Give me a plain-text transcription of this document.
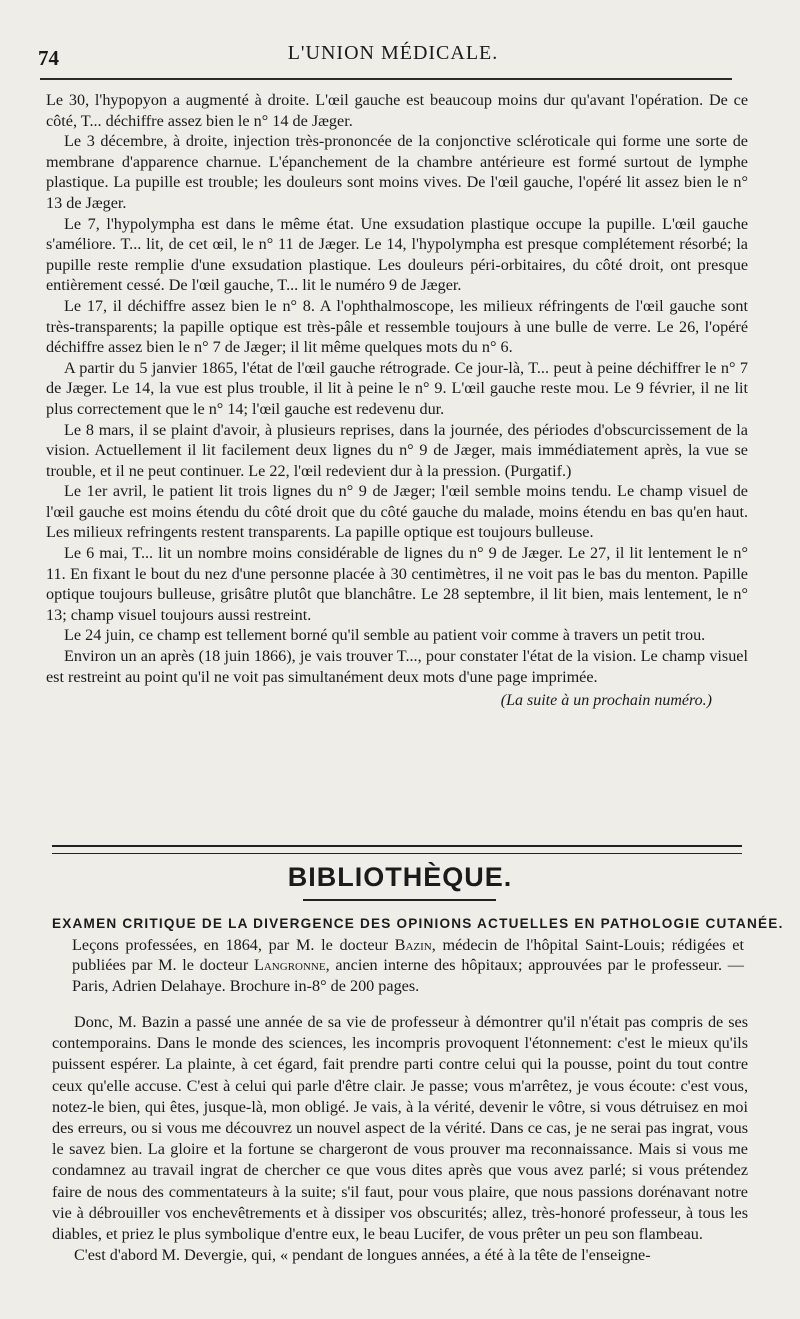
74	L'UNION MÉDICALE.

Le 30, l'hypopyon a augmenté à droite. L'œil gauche est beaucoup moins dur qu'avant l'opération. De ce côté, T... déchiffre assez bien le n° 14 de Jæger.

Le 3 décembre, à droite, injection très-prononcée de la conjonctive scléroticale qui forme une sorte de membrane d'apparence charnue. L'épanchement de la chambre antérieure est formé surtout de lymphe plastique. La pupille est trouble; les douleurs sont moins vives. De l'œil gauche, l'opéré lit assez bien le n° 13 de Jæger.

Le 7, l'hypolympha est dans le même état. Une exsudation plastique occupe la pupille. L'œil gauche s'améliore. T... lit, de cet œil, le n° 11 de Jæger. Le 14, l'hypolympha est presque complétement résorbé; la pupille reste remplie d'une exsudation plastique. Les douleurs péri-orbitaires, du côté droit, ont presque entièrement cessé. De l'œil gauche, T... lit le numéro 9 de Jæger.

Le 17, il déchiffre assez bien le n° 8. A l'ophthalmoscope, les milieux réfringents de l'œil gauche sont très-transparents; la papille optique est très-pâle et ressemble toujours à une bulle de verre. Le 26, l'opéré déchiffre assez bien le n° 7 de Jæger; il lit même quelques mots du n° 6.

A partir du 5 janvier 1865, l'état de l'œil gauche rétrograde. Ce jour-là, T... peut à peine déchiffrer le n° 7 de Jæger. Le 14, la vue est plus trouble, il lit à peine le n° 9. L'œil gauche reste mou. Le 9 février, il ne lit plus correctement que le n° 14; l'œil gauche est redevenu dur.

Le 8 mars, il se plaint d'avoir, à plusieurs reprises, dans la journée, des périodes d'obscurcissement de la vision. Actuellement il lit facilement deux lignes du n° 9 de Jæger, mais immédiatement après, la vue se trouble, et il ne peut continuer. Le 22, l'œil redevient dur à la pression. (Purgatif.)

Le 1er avril, le patient lit trois lignes du n° 9 de Jæger; l'œil semble moins tendu. Le champ visuel de l'œil gauche est moins étendu du côté droit que du côté gauche du malade, moins étendu en bas qu'en haut. Les milieux refringents restent transparents. La papille optique est toujours bulleuse.

Le 6 mai, T... lit un nombre moins considérable de lignes du n° 9 de Jæger. Le 27, il lit lentement le n° 11. En fixant le bout du nez d'une personne placée à 30 centimètres, il ne voit pas le bas du menton. Papille optique toujours bulleuse, grisâtre plutôt que blanchâtre. Le 28 septembre, il lit bien, mais lentement, le n° 13; champ visuel toujours aussi restreint.

Le 24 juin, ce champ est tellement borné qu'il semble au patient voir comme à travers un petit trou.

Environ un an après (18 juin 1866), je vais trouver T..., pour constater l'état de la vision. Le champ visuel est restreint au point qu'il ne voit pas simultanément deux mots d'une page imprimée.

(La suite à un prochain numéro.)
BIBLIOTHÈQUE.
EXAMEN CRITIQUE DE LA DIVERGENCE DES OPINIONS ACTUELLES EN PATHOLOGIE CUTANÉE.
Leçons professées, en 1864, par M. le docteur Bazin, médecin de l'hôpital Saint-Louis; rédigées et publiées par M. le docteur Langronne, ancien interne des hôpitaux; approuvées par le professeur. — Paris, Adrien Delahaye. Brochure in-8° de 200 pages.

Donc, M. Bazin a passé une année de sa vie de professeur à démontrer qu'il n'était pas compris de ses contemporains. Dans le monde des sciences, les incompris provoquent l'étonnement: c'est le mieux qu'ils puissent espérer. La plainte, à cet égard, fait prendre parti contre celui qui la pousse, point du tout contre ceux qu'elle accuse. C'est à celui qui parle d'être clair. Je passe; vous m'arrêtez, je vous écoute: c'est vous, notez-le bien, qui êtes, jusque-là, mon obligé. Je vais, à la vérité, devenir le vôtre, si vous détruisez en moi des erreurs, ou si vous me découvrez un nouvel aspect de la vérité. Dans ce cas, je ne serai pas ingrat, vous le savez bien. La gloire et la fortune se chargeront de vous prouver ma reconnaissance. Mais si vous me condamnez au travail ingrat de chercher ce que vous dites après que vous avez parlé; si vous prétendez faire de nous des commentateurs à la suite; s'il faut, pour vous plaire, que nous passions dorénavant notre vie à débrouiller vos enchevêtrements et à dissiper vos obscurités; allez, très-honoré professeur, à tous les diables, et priez le plus symbolique d'entre eux, le beau Lucifer, de vous prêter un peu son flambeau.

C'est d'abord M. Devergie, qui, « pendant de longues années, a été à la tête de l'enseigne-
